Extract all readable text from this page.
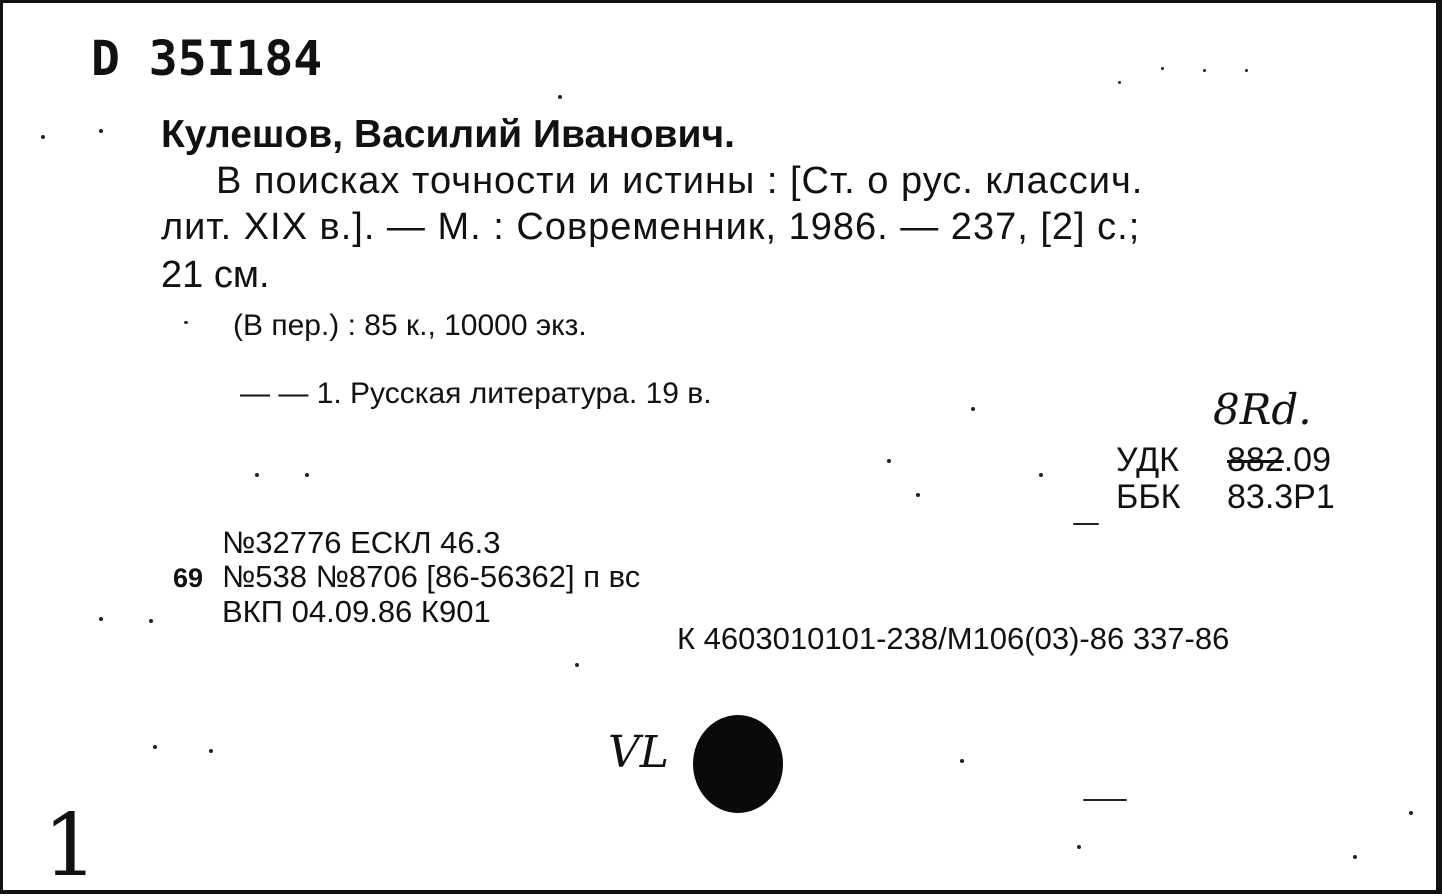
D 35I184
Кулешов, Василий Иванович.
В поисках точности и истины : [Ст. о рус. классич.
лит. XIX в.]. — М. : Современник, 1986. — 237, [2] с.;
21 см.
(В пер.) : 85 к., 10000 экз.
— — 1. Русская литература. 19 в.	8Rd.
УДК 882.09
ББК 83.3Р1
№32776 ЕСКЛ 46.3
69 №538 №8706 [86-56362] п вс
ВКП 04.09.86 К901
К 4603010101-238/М106(03)-86 337-86
VL
1
